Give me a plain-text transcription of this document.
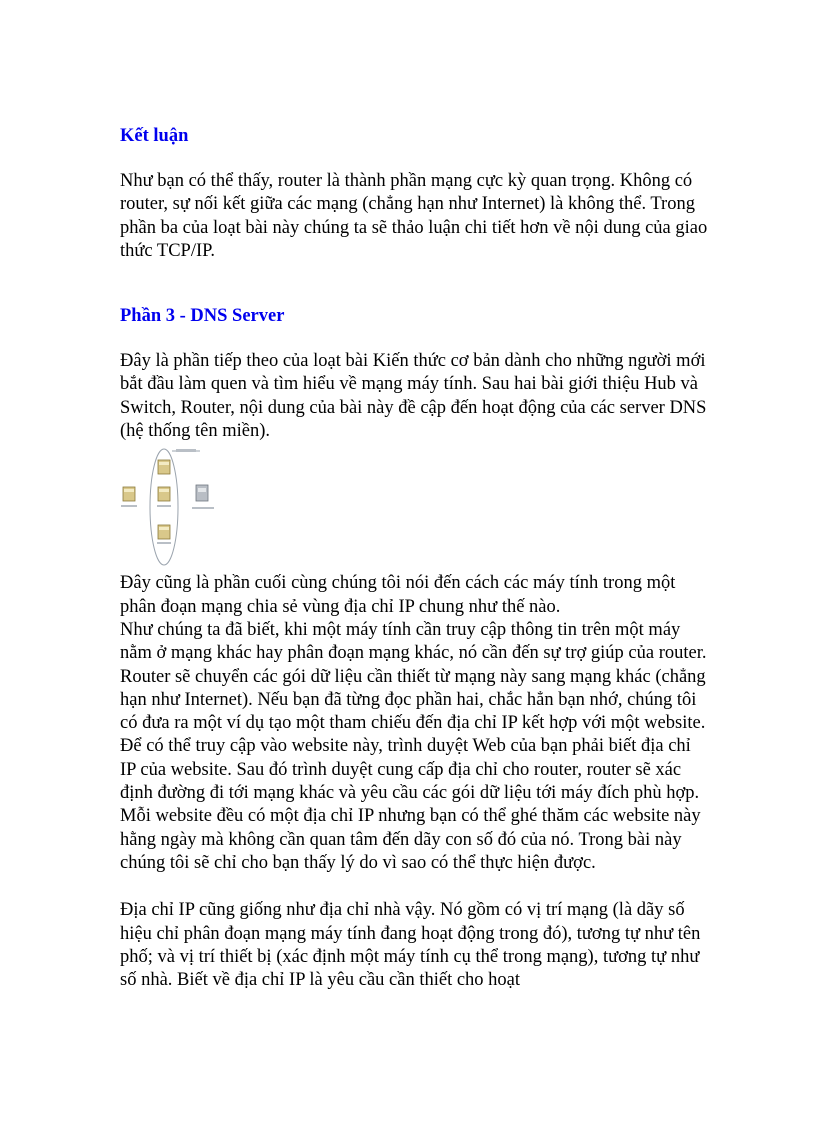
Kết luận

Như bạn có thể thấy, router là thành phần mạng cực kỳ quan trọng. Không có router, sự nối kết giữa các mạng (chẳng hạn như Internet) là không thể. Trong phần ba của loạt bài này chúng ta sẽ thảo luận chi tiết hơn về nội dung của giao thức TCP/IP.

Phần 3 - DNS Server

Đây là phần tiếp theo của loạt bài Kiến thức cơ bản dành cho những người mới bắt đầu làm quen và tìm hiểu về mạng máy tính. Sau hai bài giới thiệu Hub và Switch, Router, nội dung của bài này đề cập đến hoạt động của các server DNS (hệ thống tên miền).

Đây cũng là phần cuối cùng chúng tôi nói đến cách các máy tính trong một phân đoạn mạng chia sẻ vùng địa chỉ IP chung như thế nào.

Như chúng ta đã biết, khi một máy tính cần truy cập thông tin trên một máy nằm ở mạng khác hay phân đoạn mạng khác, nó cần đến sự trợ giúp của router. Router sẽ chuyển các gói dữ liệu cần thiết từ mạng này sang mạng khác (chẳng hạn như Internet). Nếu bạn đã từng đọc phần hai, chắc hẳn bạn nhớ, chúng tôi có đưa ra một ví dụ tạo một tham chiếu đến địa chỉ IP kết hợp với một website. Để có thể truy cập vào website này, trình duyệt Web của bạn phải biết địa chỉ IP của website. Sau đó trình duyệt cung cấp địa chỉ cho router, router sẽ xác định đường đi tới mạng khác và yêu cầu các gói dữ liệu tới máy đích phù hợp. Mỗi website đều có một địa chỉ IP nhưng bạn có thể ghé thăm các website này hằng ngày mà không cần quan tâm đến dãy con số đó của nó. Trong bài này chúng tôi sẽ chỉ cho bạn thấy lý do vì sao có thể thực hiện được.

Địa chỉ IP cũng giống như địa chỉ nhà vậy. Nó gồm có vị trí mạng (là dãy số hiệu chỉ phân đoạn mạng máy tính đang hoạt động trong đó), tương tự như tên phố; và vị trí thiết bị (xác định một máy tính cụ thể trong mạng), tương tự như số nhà. Biết về địa chỉ IP là yêu cầu cần thiết cho hoạt
